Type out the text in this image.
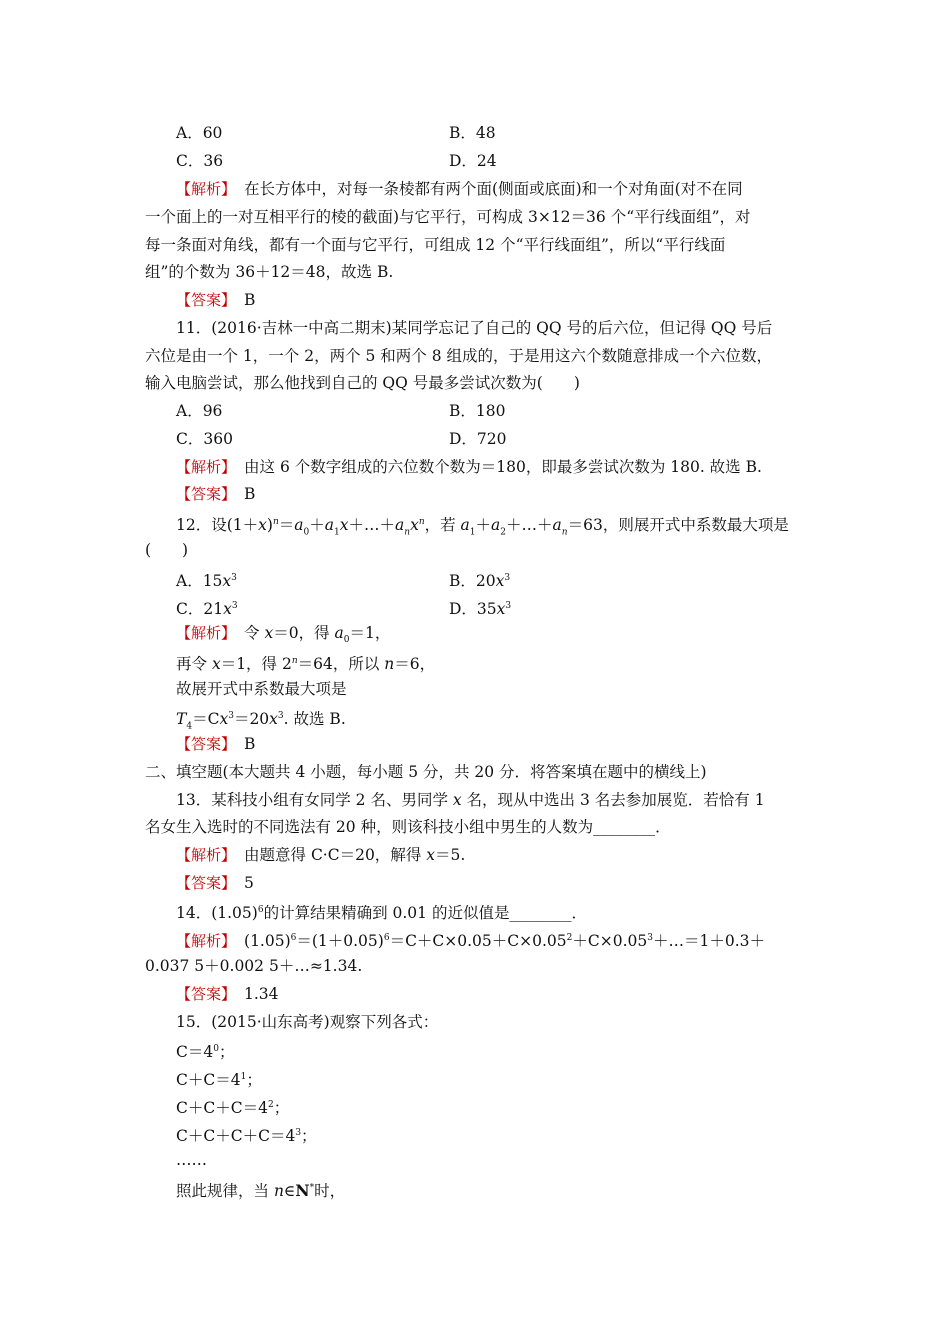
A．60	B．48
C．36	D．24
【解析】　在长方体中，对每一条棱都有两个面(侧面或底面)和一个对角面(对不在同
一个面上的一对互相平行的棱的截面)与它平行，可构成 3×12＝36 个“平行线面组”，对
每一条面对角线，都有一个面与它平行，可组成 12 个“平行线面组”，所以“平行线面
组”的个数为 36＋12＝48，故选 B.
【答案】　B
11．(2016·吉林一中高二期末)某同学忘记了自己的 QQ 号的后六位，但记得 QQ 号后
六位是由一个 1，一个 2，两个 5 和两个 8 组成的，于是用这六个数随意排成一个六位数，
输入电脑尝试，那么他找到自己的 QQ 号最多尝试次数为(　　)
A．96	B．180
C．360	D．720
【解析】　由这 6 个数字组成的六位数个数为＝180，即最多尝试次数为 180. 故选 B.
【答案】　B
12．设$(1+x)^n=a_0+a_1x+\dots+a_nx^n$，若 $a_1+a_2+\dots+a_n=63$，则展开式中系数最大项是
(　　)
A．$15x^3$	B．$20x^3$
C．$21x^3$	D．$35x^3$
【解析】　令 x＝0，得 $a_0=1$，
再令 x＝1，得 $2^n=64$，所以 n＝6，
故展开式中系数最大项是
$T_4=Cx^3=20x^3$. 故选 B.
【答案】　B
二、填空题(本大题共 4 小题，每小题 5 分，共 20 分．将答案填在题中的横线上)
13．某科技小组有女同学 2 名、男同学 x 名，现从中选出 3 名去参加展览．若恰有 1
名女生入选时的不同选法有 20 种，则该科技小组中男生的人数为________．
【解析】　由题意得 C·C＝20，解得 x＝5.
【答案】　5
14．$(1.05)^6$的计算结果精确到 0.01 的近似值是________．
【解析】　$(1.05)^6=(1+0.05)^6=C+C\times 0.05+C\times 0.05^2+C\times 0.05^3+\dots=1+0.3+$
0.037 5＋0.002 5＋…≈1.34.
【答案】　1.34
15．(2015·山东高考)观察下列各式：
$C=4^0$；
$C+C=4^1$；
$C+C+C=4^2$；
$C+C+C+C=4^3$；
……
照此规律，当 n∈N*时，
